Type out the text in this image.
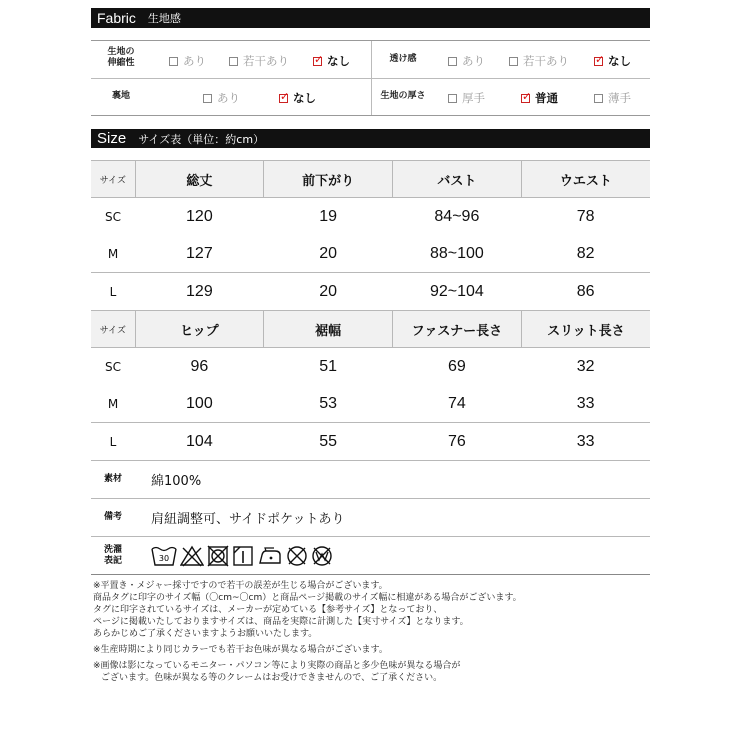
Fabric 生地感
生地の
伸縮性	あり	若干あり ✓	なし	透け感	あり	若干あり ✓	なし
裏地	あり ✓	なし	生地の厚さ	厚手 ✓	普通	薄手
Size サイズ表（単位：約cm）
サイズ	総丈	前下がり	バスト	ウエスト
SC	120	19	84~96	78
M	127	20	88~100	82
L	129	20	92~104	86
サイズ	ヒップ	裾幅	ファスナー長さ	スリット長さ
SC	96	51	69	32
M	100	53	74	33
L	104	55	76	33
素材	綿100%
備考	肩紐調整可、サイドポケットあり
洗濯
表記	30

※平置き・メジャー採寸ですので若干の誤差が生じる場合がございます。

商品タグに印字のサイズ幅（〇cm~〇cm）と商品ページ掲載のサイズ幅に相違がある場合がございます。

タグに印字されているサイズは、メーカーが定めている【参考サイズ】となっており、

ページに掲載いたしておりますサイズは、商品を実際に計測した【実寸サイズ】となります。

あらかじめご了承くださいますようお願いいたします。

※生産時期により同じカラーでも若干お色味が異なる場合がございます。

※画像は影になっているモニター・パソコン等により実際の商品と多少色味が異なる場合が

ございます。色味が異なる等のクレームはお受けできませんので、ご了承ください。
